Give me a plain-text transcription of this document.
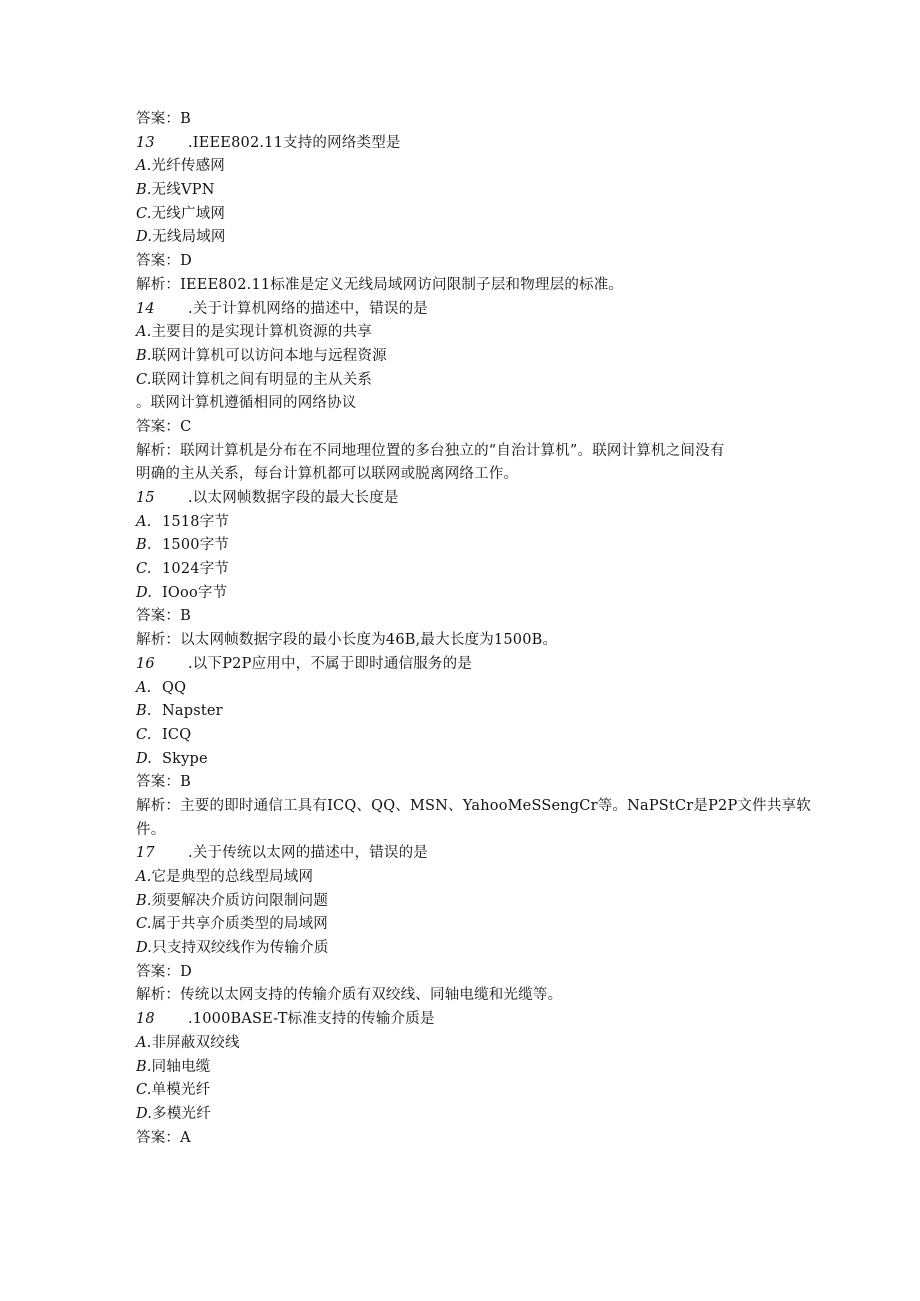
答案：B
13 .IEEE802.11支持的网络类型是
A.光纤传感网
B.无线VPN
C.无线广域网
D.无线局域网
答案：D
解析：IEEE802.11标准是定义无线局域网访问限制子层和物理层的标准。
14 .关于计算机网络的描述中，错误的是
A.主要目的是实现计算机资源的共享
B.联网计算机可以访问本地与远程资源
C.联网计算机之间有明显的主从关系
。联网计算机遵循相同的网络协议
答案：C
解析：联网计算机是分布在不同地理位置的多台独立的“自治计算机”。联网计算机之间没有
明确的主从关系，每台计算机都可以联网或脱离网络工作。
15 .以太网帧数据字段的最大长度是
A. 1518字节
B. 1500字节
C. 1024字节
D. IOoo字节
答案：B
解析：以太网帧数据字段的最小长度为46B,最大长度为1500B。
16 .以下P2P应用中，不属于即时通信服务的是
A. QQ
B. Napster
C. ICQ
D. Skype
答案：B
解析：主要的即时通信工具有ICQ、QQ、MSN、YahooMeSSengCr等。NaPStCr是P2P文件共享软
件。
17 .关于传统以太网的描述中，错误的是
A.它是典型的总线型局域网
B.须要解决介质访问限制问题
C.属于共享介质类型的局域网
D.只支持双绞线作为传输介质
答案：D
解析：传统以太网支持的传输介质有双绞线、同轴电缆和光缆等。
18 .1000BASE-T标准支持的传输介质是
A.非屏蔽双绞线
B.同轴电缆
C.单模光纤
D.多模光纤
答案：A
